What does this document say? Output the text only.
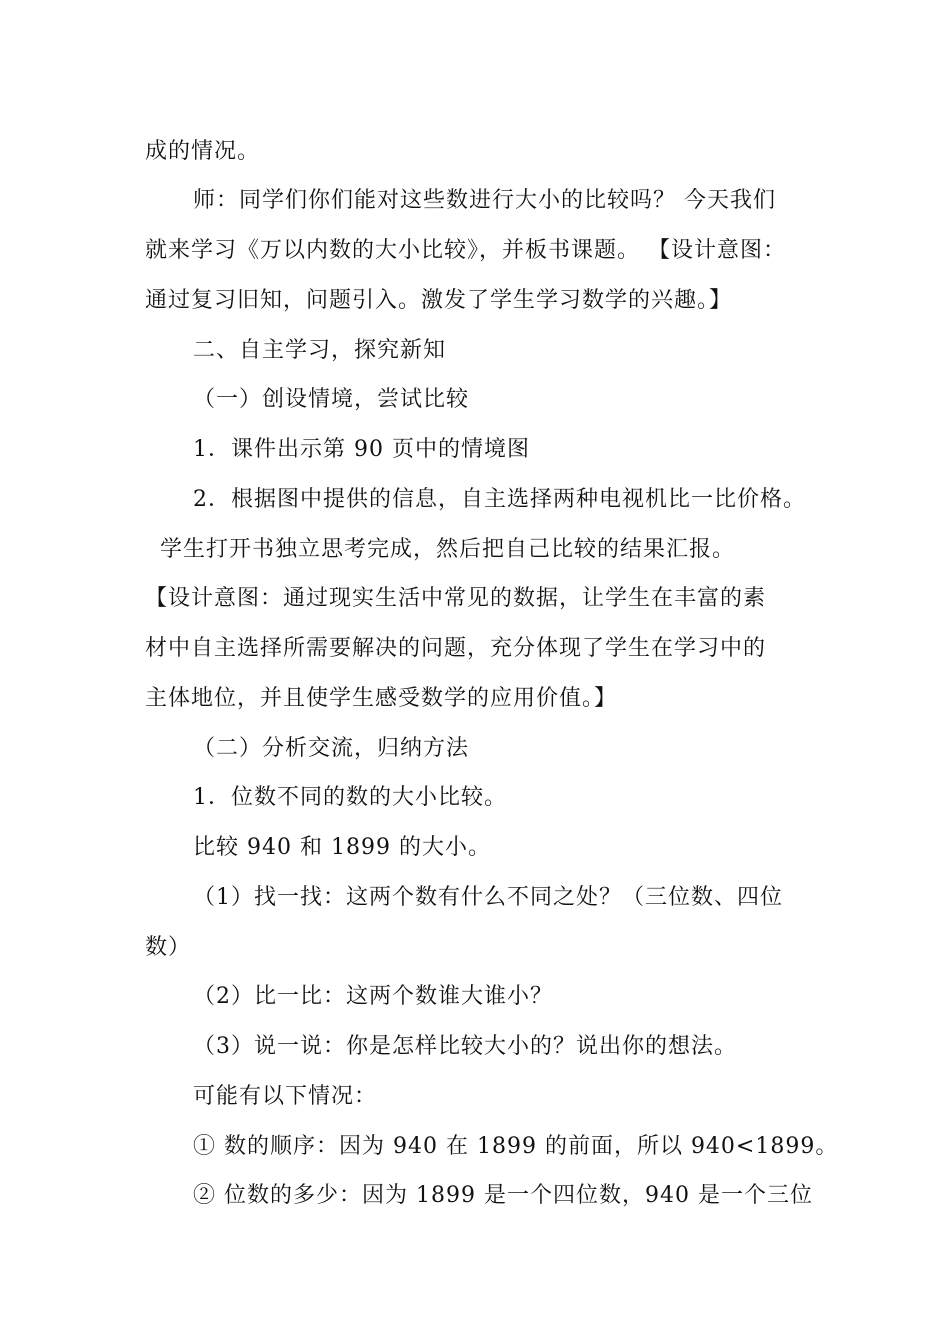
成的情况。
师：同学们你们能对这些数进行大小的比较吗？ 今天我们
就来学习《万以内数的大小比较》，并板书课题。 【设计意图：
通过复习旧知，问题引入。激发了学生学习数学的兴趣。】
二、自主学习，探究新知
（一）创设情境，尝试比较
1．课件出示第 90 页中的情境图
2．根据图中提供的信息，自主选择两种电视机比一比价格。
学生打开书独立思考完成，然后把自己比较的结果汇报。
【设计意图：通过现实生活中常见的数据，让学生在丰富的素
材中自主选择所需要解决的问题，充分体现了学生在学习中的
主体地位，并且使学生感受数学的应用价值。】
（二）分析交流，归纳方法
1．位数不同的数的大小比较。
比较 940 和 1899 的大小。
（1）找一找：这两个数有什么不同之处？（三位数、四位
数）
（2）比一比：这两个数谁大谁小？
（3）说一说：你是怎样比较大小的？说出你的想法。
可能有以下情况：
① 数的顺序：因为 940 在 1899 的前面，所以 940<1899。
② 位数的多少：因为 1899 是一个四位数，940 是一个三位
